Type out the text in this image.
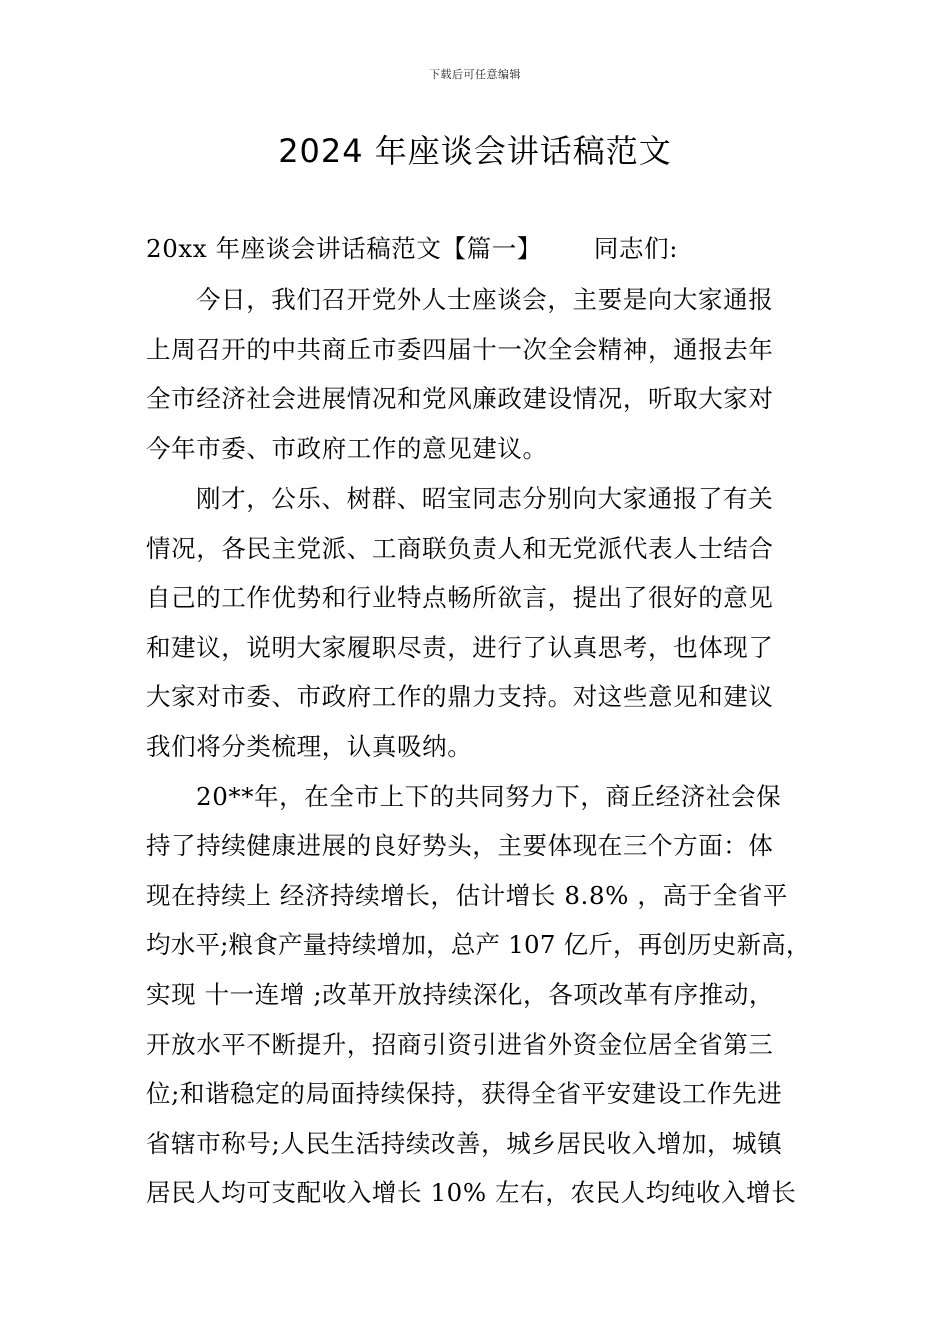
下载后可任意编辑
2024 年座谈会讲话稿范文
20xx 年座谈会讲话稿范文【篇一】 同志们:
今日，我们召开党外人士座谈会，主要是向大家通报
上周召开的中共商丘市委四届十一次全会精神，通报去年
全市经济社会进展情况和党风廉政建设情况，听取大家对
今年市委、市政府工作的意见建议。
刚才，公乐、树群、昭宝同志分别向大家通报了有关
情况，各民主党派、工商联负责人和无党派代表人士结合
自己的工作优势和行业特点畅所欲言，提出了很好的意见
和建议，说明大家履职尽责，进行了认真思考，也体现了
大家对市委、市政府工作的鼎力支持。对这些意见和建议
我们将分类梳理，认真吸纳。
20**年，在全市上下的共同努力下，商丘经济社会保
持了持续健康进展的良好势头，主要体现在三个方面：体
现在持续上 经济持续增长，估计增长 8.8% ，高于全省平
均水平;粮食产量持续增加，总产 107 亿斤，再创历史新高，
实现 十一连增 ;改革开放持续深化，各项改革有序推动，
开放水平不断提升，招商引资引进省外资金位居全省第三
位;和谐稳定的局面持续保持，获得全省平安建设工作先进
省辖市称号;人民生活持续改善，城乡居民收入增加，城镇
居民人均可支配收入增长 10% 左右，农民人均纯收入增长
